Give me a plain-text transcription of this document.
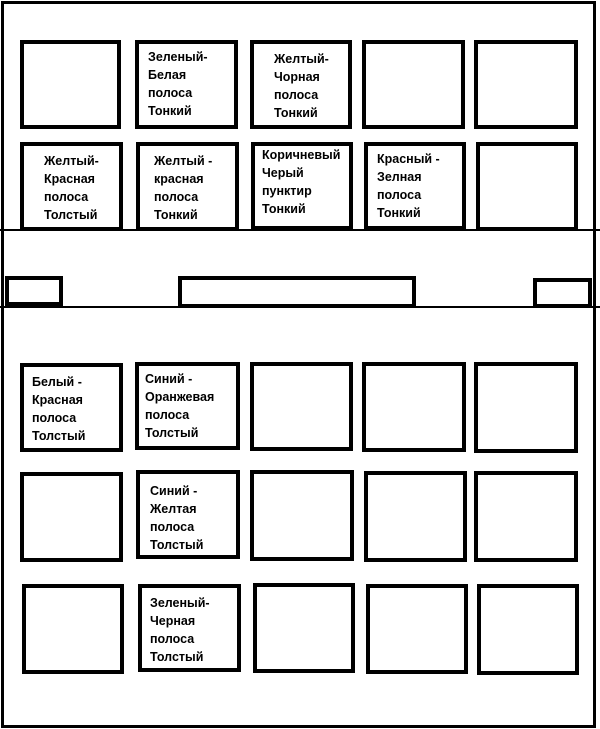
Зеленый-
Белая
полоса
Тонкий
Желтый-
Чорная
полоса
Тонкий
Желтый-
Красная
полоса
Толстый
Желтый -
красная
полоса
Тонкий
Коричневый
Черый
пунктир
Тонкий
Красный -
Зелная
полоса
Тонкий
Белый -
Красная
полоса
Толстый
Синий -
Оранжевая
полоса
Толстый
Синий -
Желтая
полоса
Толстый
Зеленый-
Черная
полоса
Толстый
